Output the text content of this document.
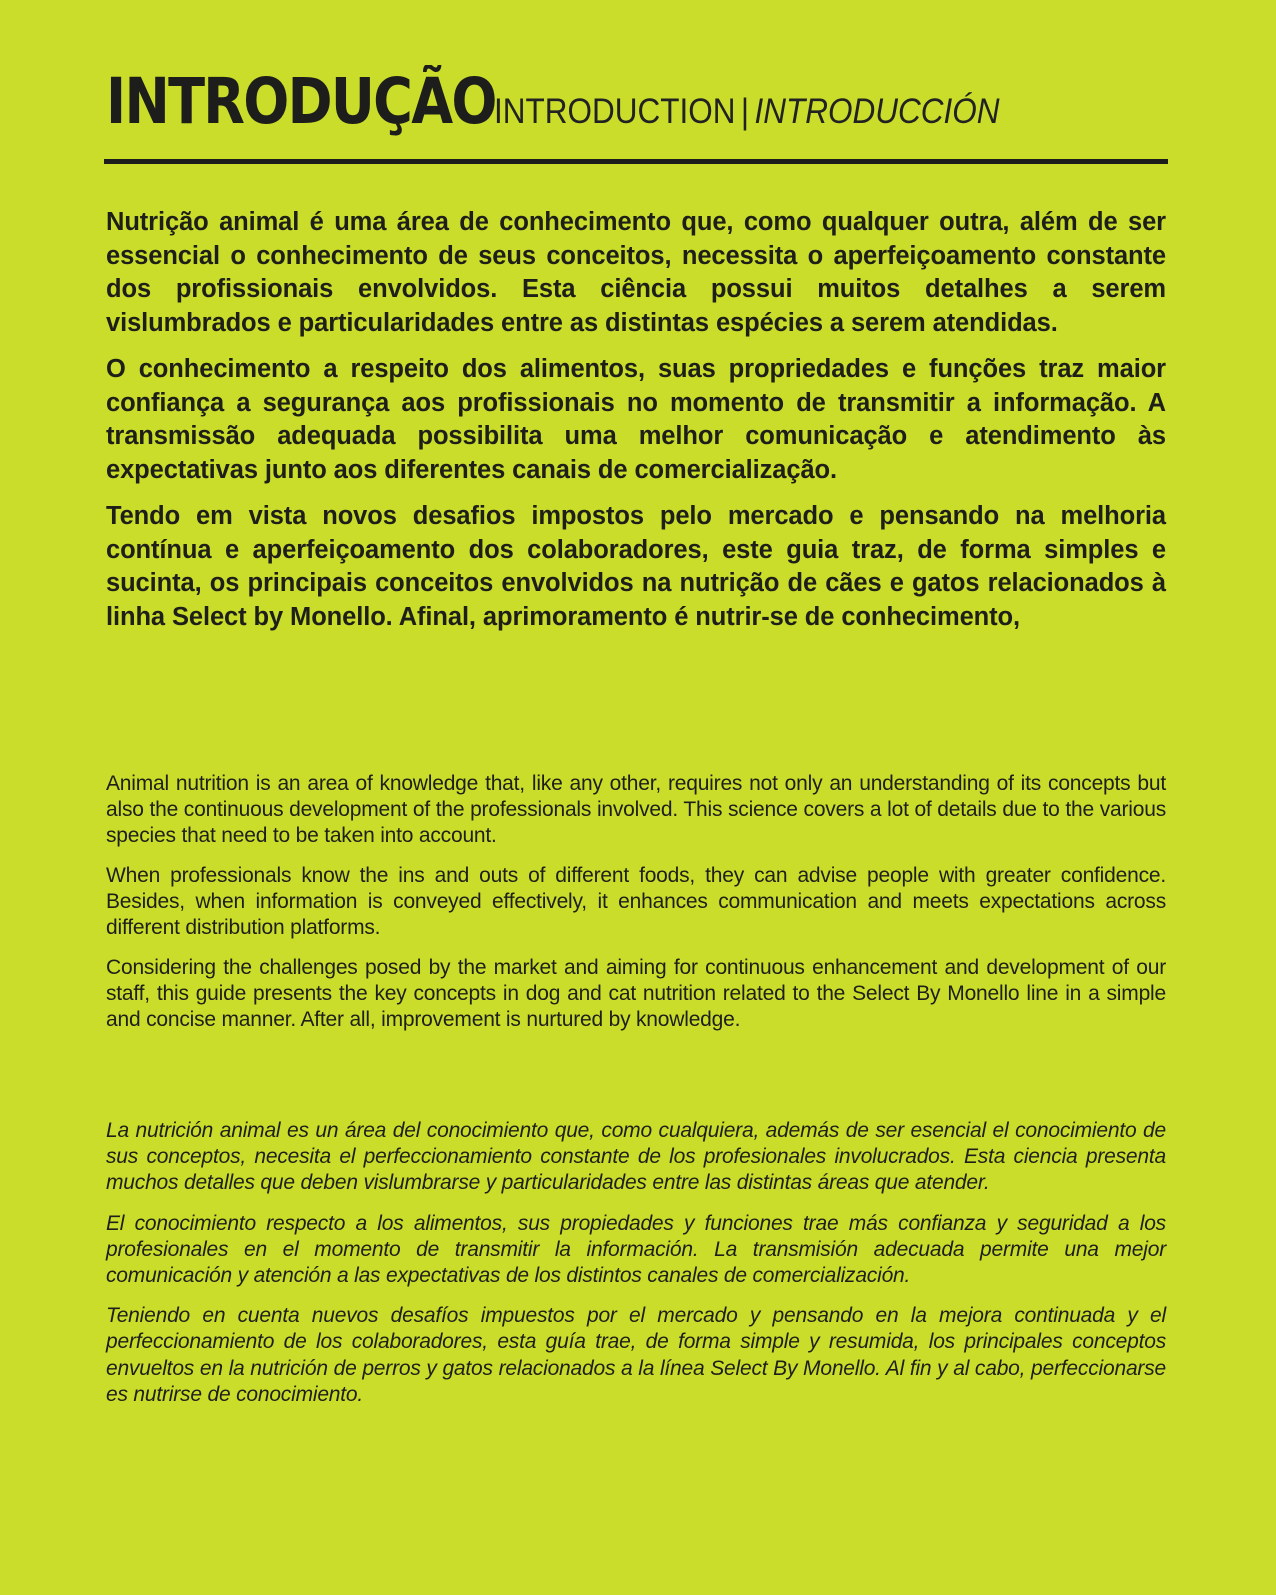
INTRODUÇÃO
INTRODUCTION | INTRODUCCIÓN

Nutrição animal é uma área de conhecimento que, como qualquer outra, além de ser essencial o conhecimento de seus conceitos, necessita o aperfeiçoamento constante dos profissionais envolvidos. Esta ciência possui muitos detalhes a serem vislumbrados e particularidades entre as distintas espécies a serem atendidas.

O conhecimento a respeito dos alimentos, suas propriedades e funções traz maior confiança a segurança aos profissionais no momento de transmitir a informação. A transmissão adequada possibilita uma melhor comunicação e atendimento às expectativas junto aos diferentes canais de comercialização.

Tendo em vista novos desafios impostos pelo mercado e pensando na melhoria contínua e aperfeiçoamento dos colaboradores, este guia traz, de forma simples e sucinta, os principais conceitos envolvidos na nutrição de cães e gatos relacionados à linha Select by Monello. Afinal, aprimoramento é nutrir-se de conhecimento,

Animal nutrition is an area of knowledge that, like any other, requires not only an understanding of its concepts but also the continuous development of the professionals involved. This science covers a lot of details due to the various species that need to be taken into account.

When professionals know the ins and outs of different foods, they can advise people with greater confidence. Besides, when information is conveyed effectively, it enhances communication and meets expectations across different distribution platforms.

Considering the challenges posed by the market and aiming for continuous enhancement and development of our staff, this guide presents the key concepts in dog and cat nutrition related to the Select By Monello line in a simple and concise manner. After all, improvement is nurtured by knowledge.

La nutrición animal es un área del conocimiento que, como cualquiera, además de ser esencial el conocimiento de sus conceptos, necesita el perfeccionamiento constante de los profesionales involucrados. Esta ciencia presenta muchos detalles que deben vislumbrarse y particularidades entre las distintas áreas que atender.

El conocimiento respecto a los alimentos, sus propiedades y funciones trae más confianza y seguridad a los profesionales en el momento de transmitir la información. La transmisión adecuada permite una mejor comunicación y atención a las expectativas de los distintos canales de comercialización.

Teniendo en cuenta nuevos desafíos impuestos por el mercado y pensando en la mejora continuada y el perfeccionamiento de los colaboradores, esta guía trae, de forma simple y resumida, los principales conceptos envueltos en la nutrición de perros y gatos relacionados a la línea Select By Monello. Al fin y al cabo, perfeccionarse es nutrirse de conocimiento.
